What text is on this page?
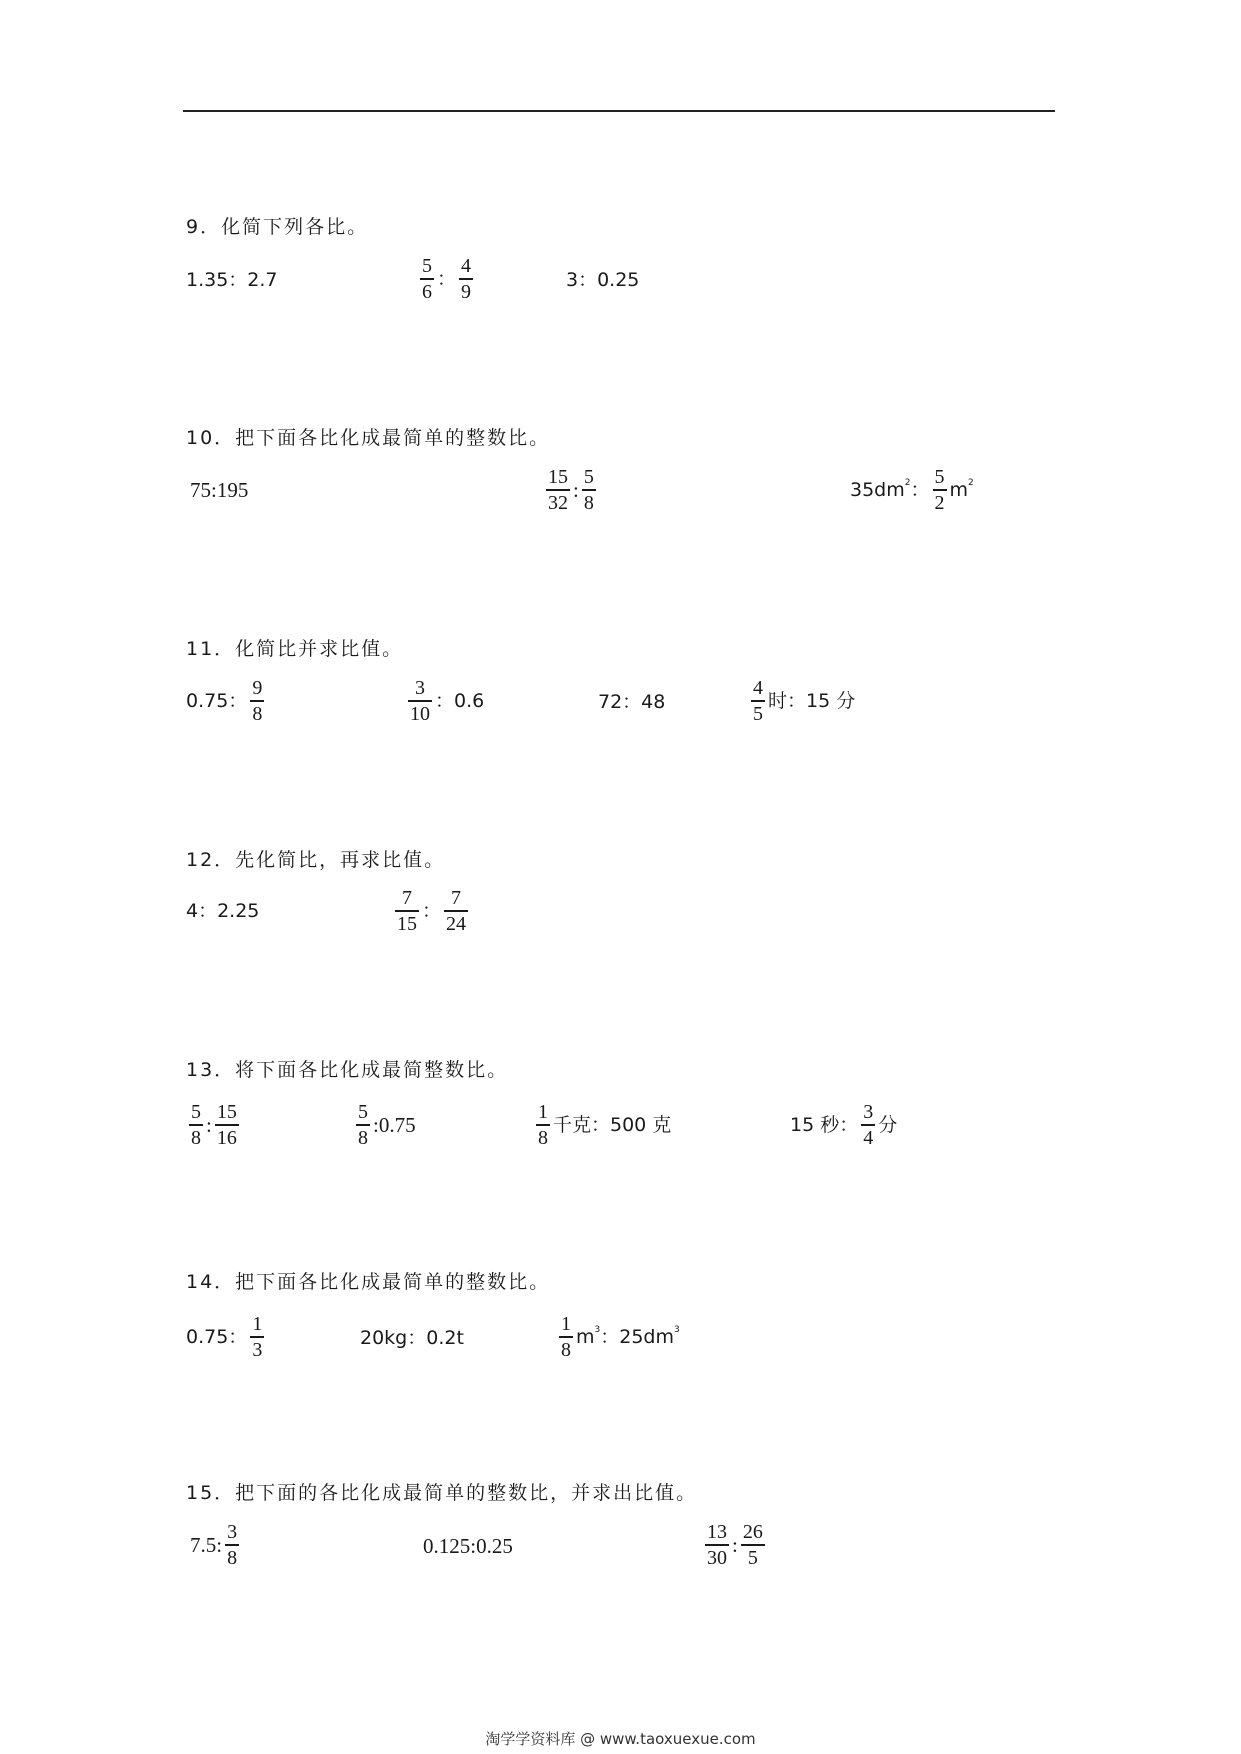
9．化简下列各比。
1.35：2.7	$\frac{5}{6}$ ： $\frac{4}{9}$	3：0.25
10．把下面各比化成最简单的整数比。
75:195	$\frac{15}{32}$ : $\frac{5}{8}$	$35dm^2$ ： $\frac{5}{2} m^2$
11．化简比并求比值。
0.75： $\frac{9}{8}$	$\frac{3}{10}$ ：0.6	72：48	$\frac{4}{5}$ 时：15 分
12．先化简比，再求比值。
4：2.25	$\frac{7}{15}$ ： $\frac{7}{24}$
13．将下面各比化成最简整数比。
$\frac{5}{8}$ : $\frac{15}{16}$	$\frac{5}{8}$ :0.75	$\frac{1}{8}$ 千克：500 克	15 秒： $\frac{3}{4}$ 分
14．把下面各比化成最简单的整数比。
0.75： $\frac{1}{3}$	20kg：0.2t	$\frac{1}{8} m^3$ ：$25dm^3$
15．把下面的各比化成最简单的整数比，并求出比值。
7.5: $\frac{3}{8}$	0.125:0.25	$\frac{13}{30}$ : $\frac{26}{5}$
淘学学资料库 @ www.taoxuexue.com
